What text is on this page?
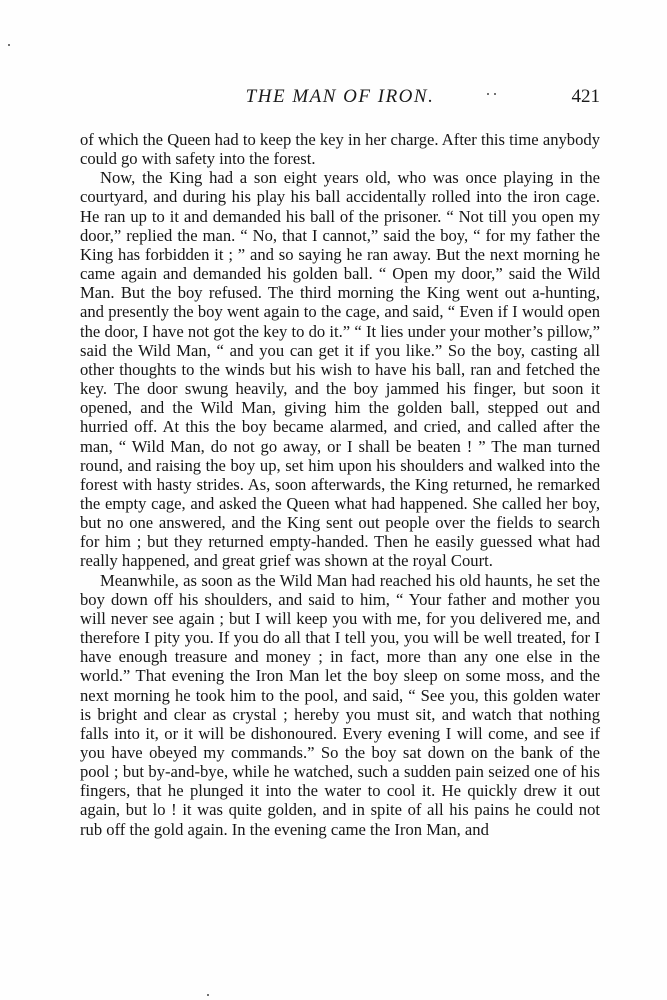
THE MAN OF IRON.	421

of which the Queen had to keep the key in her charge. After this time anybody could go with safety into the forest.

Now, the King had a son eight years old, who was once playing in the courtyard, and during his play his ball accidentally rolled into the iron cage. He ran up to it and demanded his ball of the prisoner. “ Not till you open my door,” replied the man. “ No, that I cannot,” said the boy, “ for my father the King has forbidden it ; ” and so saying he ran away. But the next morning he came again and demanded his golden ball. “ Open my door,” said the Wild Man. But the boy refused. The third morning the King went out a-hunting, and presently the boy went again to the cage, and said, “ Even if I would open the door, I have not got the key to do it.” “ It lies under your mother’s pillow,” said the Wild Man, “ and you can get it if you like.” So the boy, casting all other thoughts to the winds but his wish to have his ball, ran and fetched the key. The door swung heavily, and the boy jammed his finger, but soon it opened, and the Wild Man, giving him the golden ball, stepped out and hurried off. At this the boy became alarmed, and cried, and called after the man, “ Wild Man, do not go away, or I shall be beaten ! ” The man turned round, and raising the boy up, set him upon his shoulders and walked into the forest with hasty strides. As, soon afterwards, the King returned, he remarked the empty cage, and asked the Queen what had happened. She called her boy, but no one answered, and the King sent out people over the fields to search for him ; but they returned empty-handed. Then he easily guessed what had really happened, and great grief was shown at the royal Court.

Meanwhile, as soon as the Wild Man had reached his old haunts, he set the boy down off his shoulders, and said to him, “ Your father and mother you will never see again ; but I will keep you with me, for you delivered me, and therefore I pity you. If you do all that I tell you, you will be well treated, for I have enough treasure and money ; in fact, more than any one else in the world.” That evening the Iron Man let the boy sleep on some moss, and the next morning he took him to the pool, and said, “ See you, this golden water is bright and clear as crystal ; hereby you must sit, and watch that nothing falls into it, or it will be dishonoured. Every evening I will come, and see if you have obeyed my commands.” So the boy sat down on the bank of the pool ; but by-and-bye, while he watched, such a sudden pain seized one of his fingers, that he plunged it into the water to cool it. He quickly drew it out again, but lo ! it was quite golden, and in spite of all his pains he could not rub off the gold again. In the evening came the Iron Man, and
